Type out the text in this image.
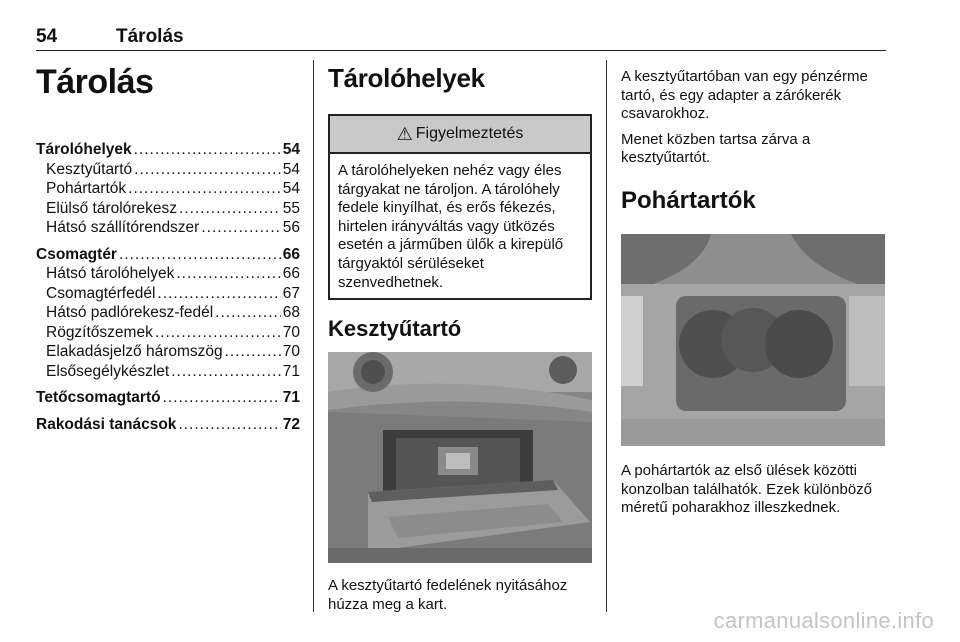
54	Tárolás
Tárolás
Tárolóhelyek .....	54
Kesztyűtartó .....	54
Pohártartók .....	54
Elülső tárolórekesz .....	55
Hátsó szállítórendszer .....	56
Csomagtér .....	66
Hátsó tárolóhelyek .....	66
Csomagtérfedél .....	67
Hátsó padlórekesz-fedél .....	68
Rögzítőszemek .....	70
Elakadásjelző háromszög .....	70
Elsősegélykészlet .....	71
Tetőcsomagtartó .....	71
Rakodási tanácsok .....	72
Tárolóhelyek
⚠ Figyelmeztetés
A tárolóhelyeken nehéz vagy éles tárgyakat ne tároljon. A tárolóhely fedele kinyílhat, és erős fékezés, hirtelen irányváltás vagy ütközés esetén a járműben ülők a kirepülő tárgyaktól sérüléseket szenvedhetnek.
Kesztyűtartó

A kesztyűtartó fedelének nyitásához húzza meg a kart.

A kesztyűtartóban van egy pénzérme tartó, és egy adapter a zárókerék csavarokhoz.

Menet közben tartsa zárva a kesztyűtartót.

Pohártartók

A pohártartók az első ülések közötti konzolban találhatók. Ezek különböző méretű poharakhoz illeszkednek.

carmanualsonline.info
